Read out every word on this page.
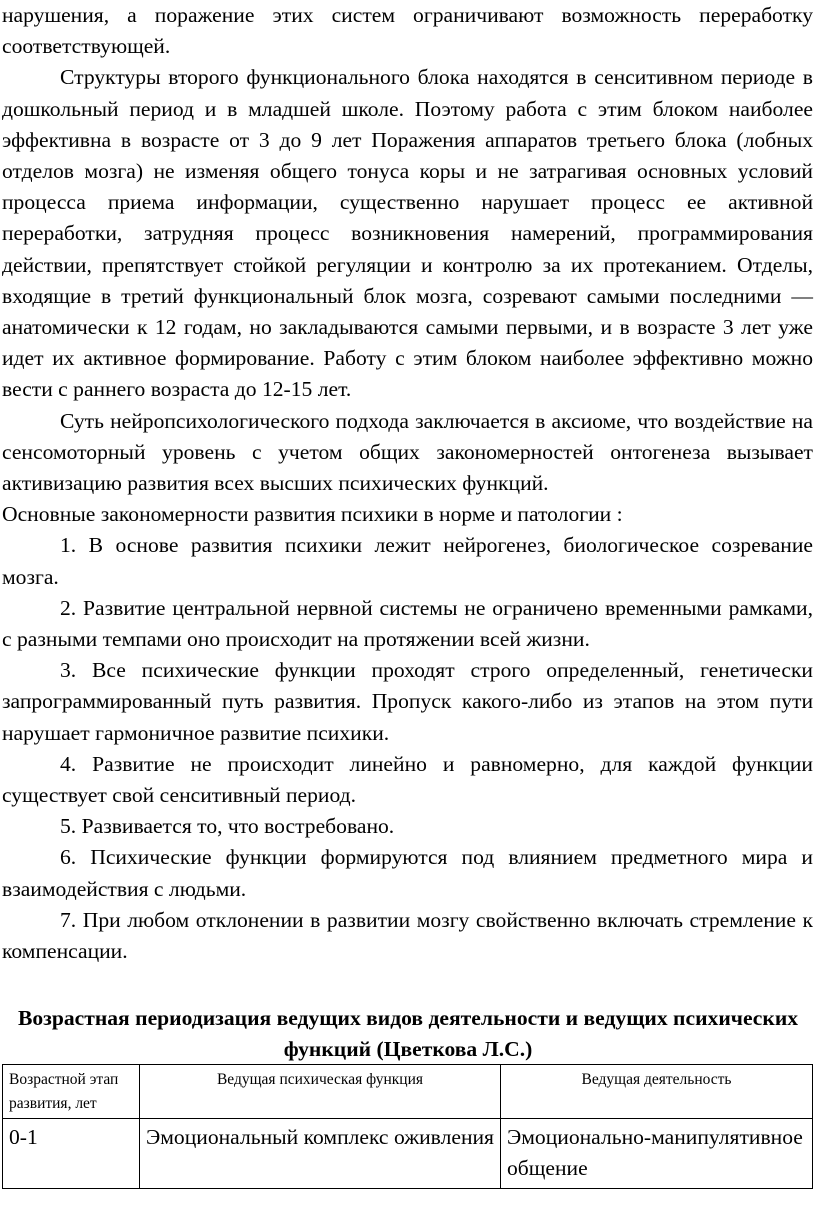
нарушения, а поражение этих систем ограничивают возможность переработку соответствующей.

Структуры второго функционального блока находятся в сенситивном периоде в дошкольный период и в младшей школе. Поэтому работа с этим блоком наиболее эффективна в возрасте от 3 до 9 лет Поражения аппаратов третьего блока (лобных отделов мозга) не изменяя общего тонуса коры и не затрагивая основных условий процесса приема информации, существенно нарушает процесс ее активной переработки, затрудняя процесс возникновения намерений, программирования действии, препятствует стойкой регуляции и контролю за их протеканием. Отделы, входящие в третий функциональный блок мозга, созревают самыми последними — анатомически к 12 годам, но закладываются самыми первыми, и в возрасте 3 лет уже идет их активное формирование. Работу с этим блоком наиболее эффективно можно вести с раннего возраста до 12-15 лет.

Суть нейропсихологического подхода заключается в аксиоме, что воздействие на сенсомоторный уровень с учетом общих закономерностей онтогенеза вызывает активизацию развития всех высших психических функций.

Основные закономерности развития психики в норме и патологии :

1. В основе развития психики лежит нейрогенез, биологическое созревание мозга.

2. Развитие центральной нервной системы не ограничено временными рамками, с разными темпами оно происходит на протяжении всей жизни.

3. Все психические функции проходят строго определенный, генетически запрограммированный путь развития. Пропуск какого-либо из этапов на этом пути нарушает гармоничное развитие психики.

4. Развитие не происходит линейно и равномерно, для каждой функции существует свой сенситивный период.

5. Развивается то, что востребовано.

6. Психические функции формируются под влиянием предметного мира и взаимодействия с людьми.

7. При любом отклонении в развитии мозгу свойственно включать стремление к компенсации.

Возрастная периодизация ведущих видов деятельности и ведущих психических функций (Цветкова Л.С.)
Возрастной этап развития, лет	Ведущая психическая функция	Ведущая деятельность
0-1	Эмоциональный комплекс оживления	Эмоционально-манипулятивное общение
